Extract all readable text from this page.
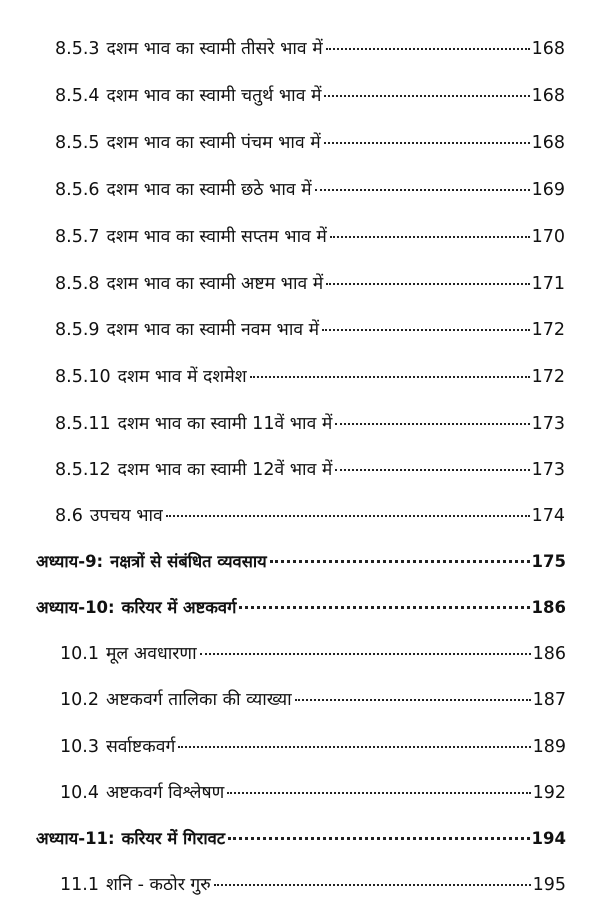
8.5.3 दशम भाव का स्वामी तीसरे भाव में	168
8.5.4 दशम भाव का स्वामी चतुर्थ भाव में	168
8.5.5 दशम भाव का स्वामी पंचम भाव में	168
8.5.6 दशम भाव का स्वामी छठे भाव में	169
8.5.7 दशम भाव का स्वामी सप्तम भाव में	170
8.5.8 दशम भाव का स्वामी अष्टम भाव में	171
8.5.9 दशम भाव का स्वामी नवम भाव में	172
8.5.10 दशम भाव में दशमेश	172
8.5.11 दशम भाव का स्वामी 11वें भाव में	173
8.5.12 दशम भाव का स्वामी 12वें भाव में	173
8.6 उपचय भाव	174
अध्याय-9: नक्षत्रों से संबंधित व्यवसाय	175
अध्याय-10: करियर में अष्टकवर्ग	186
10.1 मूल अवधारणा	186
10.2 अष्टकवर्ग तालिका की व्याख्या	187
10.3 सर्वाष्टकवर्ग	189
10.4 अष्टकवर्ग विश्लेषण	192
अध्याय-11: करियर में गिरावट	194
11.1 शनि - कठोर गुरु	195
